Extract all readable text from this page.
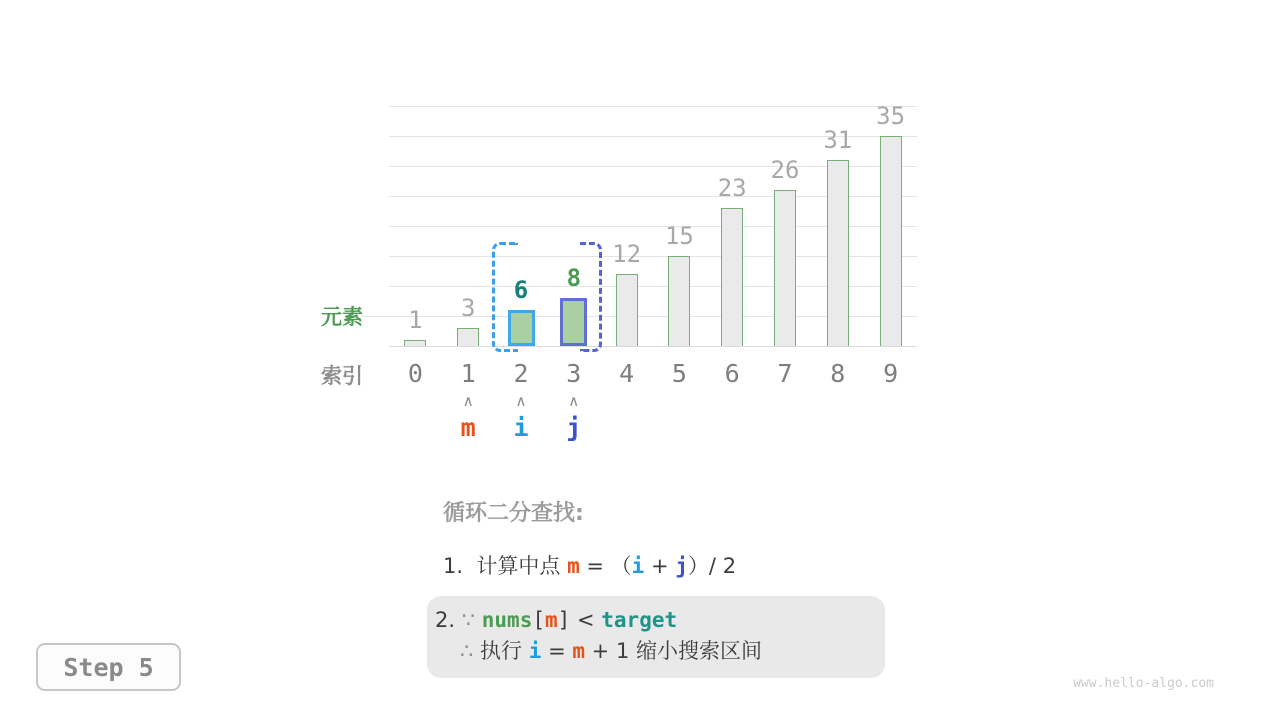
1
0
3
1
6
2
8
3
12
4
15
5
23
6
26
7
31
8
35
9
∧
m
∧
i
∧
j
元素
索引
循环二分查找:
1.  计算中点 m = （i + j）/ 2
2. ∵ nums[m] < target
∴ 执行 i = m + 1 缩小搜索区间
Step 5
www.hello-algo.com
